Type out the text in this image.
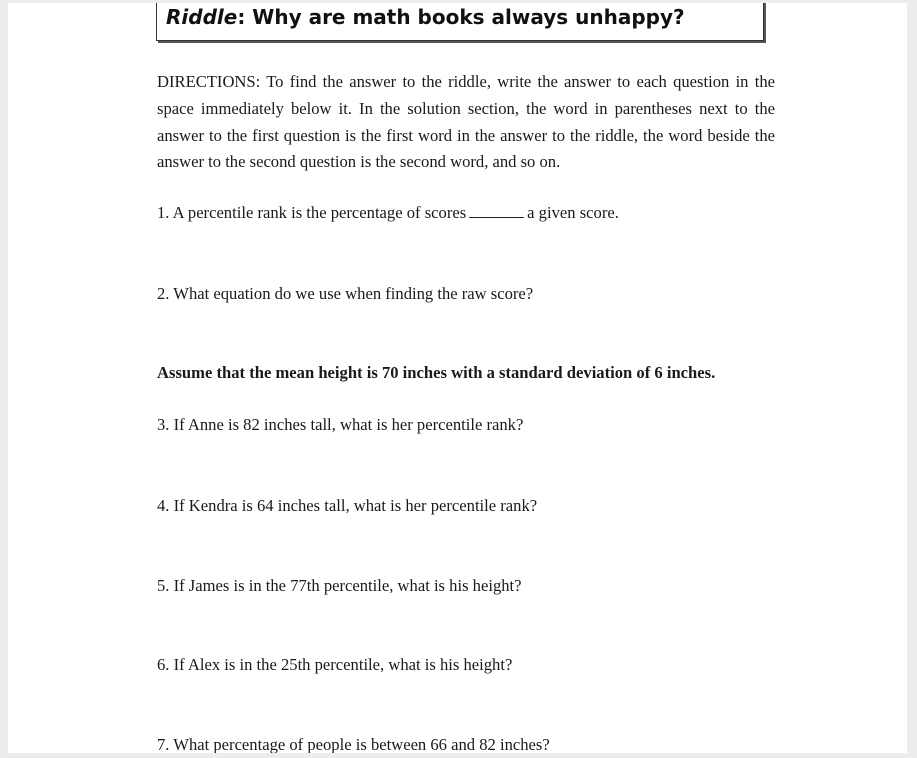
Riddle: Why are math books always unhappy?
DIRECTIONS: To find the answer to the riddle, write the answer to each question in the space immediately below it. In the solution section, the word in parentheses next to the answer to the first question is the first word in the answer to the riddle, the word beside the answer to the second question is the second word, and so on.
1. A percentile rank is the percentage of scores	a given score.
2. What equation do we use when finding the raw score?
Assume that the mean height is 70 inches with a standard deviation of 6 inches.
3. If Anne is 82 inches tall, what is her percentile rank?
4. If Kendra is 64 inches tall, what is her percentile rank?
5. If James is in the 77th percentile, what is his height?
6. If Alex is in the 25th percentile, what is his height?
7. What percentage of people is between 66 and 82 inches?
